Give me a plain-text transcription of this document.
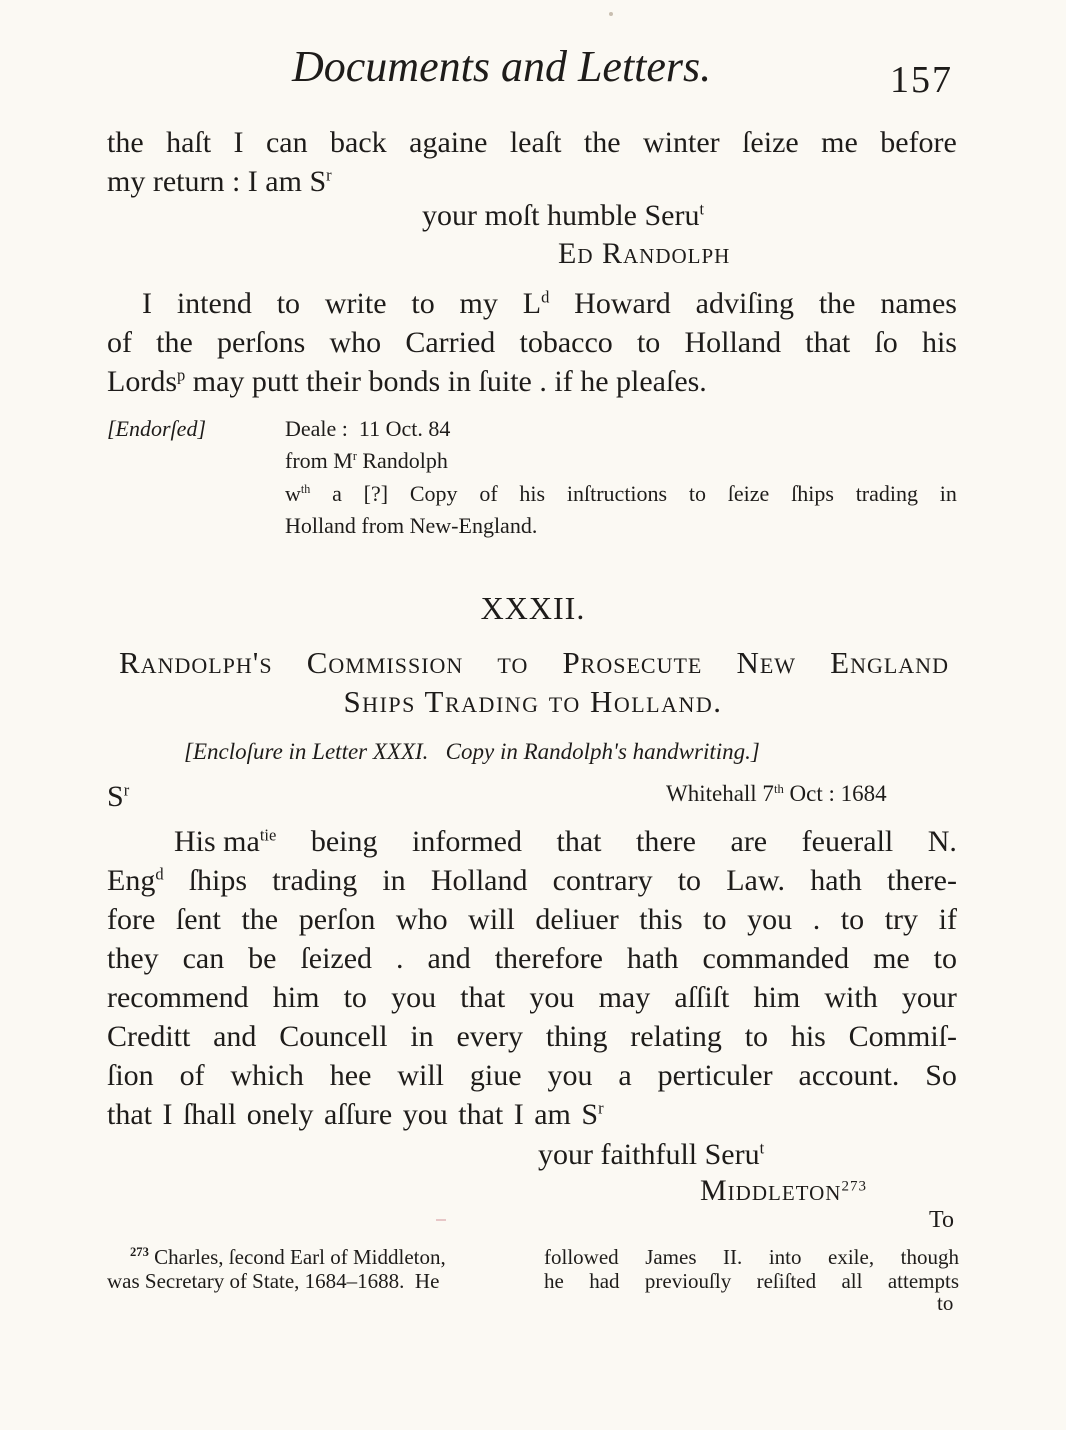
Documents and Letters.	157
the haſt I can back againe leaſt the winter ſeize me before
my return : I am $S^r$
your moſt humble Seru$^t$
Ed Randolph
I intend to write to my $L^d$ Howard adviſing the names
of the perſons who Carried tobacco to Holland that ſo his
Lords$^p$ may putt their bonds in ſuite . if he pleaſes.
[Endorſed]	Deale :  11 Oct. 84
from $M^r$ Randolph
$w^{th}$ a [?] Copy of his inſtructions to ſeize ſhips trading in
Holland from New-England.
XXXII.
Randolph's Commission to Prosecute New England
Ships Trading to Holland.
[Encloſure in Letter XXXI.   Copy in Randolph's handwriting.]
$S^r$	Whitehall 7th Oct : 1684
His $ma^{tie}$ being informed that there are feuerall N.
Eng$^d$ ſhips trading in Holland contrary to Law. hath there-
fore ſent the perſon who will deliuer this to you . to try if
they can be ſeized . and therefore hath commanded me to
recommend him to you that you may aſſiſt him with your
Creditt and Councell in every thing relating to his Commiſ-
ſion of which hee will giue you a perticuler account. So
that I ſhall onely aſſure you that I am $S^r$
your faithfull Seru$^t$
Middleton$^{273}$
To
$^{273}$ Charles, ſecond Earl of Middleton,
was Secretary of State, 1684–1688.  He
followed James II. into exile, though
he had previouſly reſiſted all attempts
to
